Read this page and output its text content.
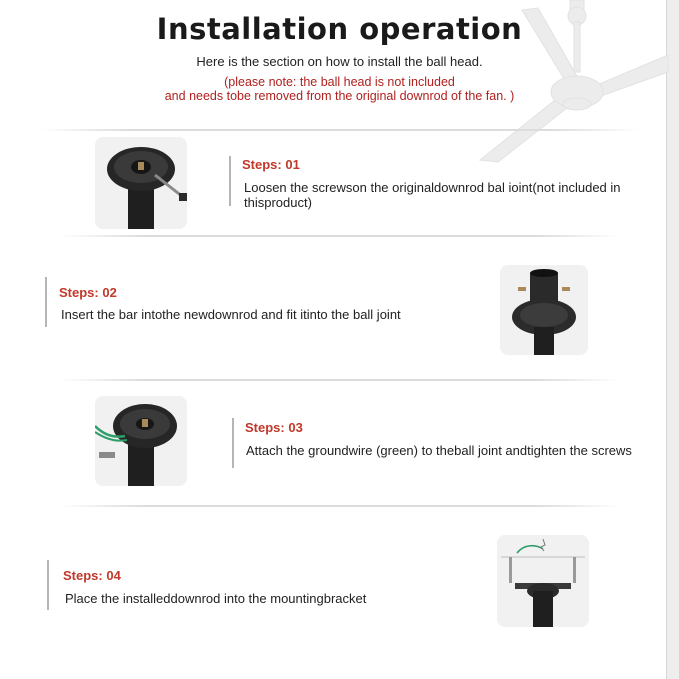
Installation operation
Here is the section on how to install the ball head.
(please note: the ball head is not included
and needs tobe removed from the original downrod of the fan. )
Steps: 01
Loosen the screwson the originaldownrod bal ioint(not included in thisproduct)
Steps: 02
Insert the bar intothe newdownrod and fit itinto the ball joint
Steps: 03
Attach the groundwire (green) to theball joint andtighten the screws
Steps: 04
Place the installeddownrod into the mountingbracket
